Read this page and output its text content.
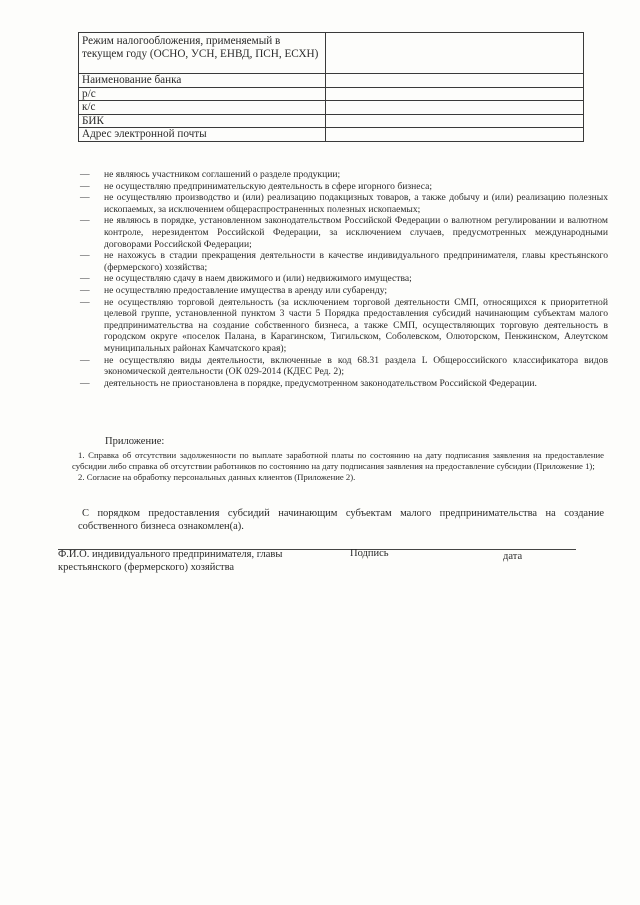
Режим налогообложения, применяемый в текущем году (ОСНО, УСН, ЕНВД, ПСН, ЕСХН)	
Наименование банка	
р/с	
к/с	
БИК	
Адрес электронной почты	
— не являюсь участником соглашений о разделе продукции;
— не осуществляю предпринимательскую деятельность в сфере игорного бизнеса;
— не осуществляю производство и (или) реализацию подакцизных товаров, а также добычу и (или) реализацию полезных ископаемых, за исключением общераспространенных полезных ископаемых;
— не являюсь в порядке, установленном законодательством Российской Федерации о валютном регулировании и валютном контроле, нерезидентом Российской Федерации, за исключением случаев, предусмотренных международными договорами Российской Федерации;
— не нахожусь в стадии прекращения деятельности в качестве индивидуального предпринимателя, главы крестьянского (фермерского) хозяйства;
— не осуществляю сдачу в наем движимого и (или) недвижимого имущества;
— не осуществляю предоставление имущества в аренду или субаренду;
— не осуществляю торговой деятельность (за исключением торговой деятельности СМП, относящихся к приоритетной целевой группе, установленной пунктом 3 части 5 Порядка предоставления субсидий начинающим субъектам малого предпринимательства на создание собственного бизнеса, а также СМП, осуществляющих торговую деятельность в городском округе «поселок Палана, в Карагинском, Тигильском, Соболевском, Олюторском, Пенжинском, Алеутском муниципальных районах Камчатского края);
— не осуществляю виды деятельности, включенные в код 68.31 раздела L Общероссийского классификатора видов экономической деятельности (ОК 029-2014 (КДЕС Ред. 2);
— деятельность не приостановлена в порядке, предусмотренном законодательством Российской Федерации.
Приложение:
1. Справка об отсутствии задолженности по выплате заработной платы по состоянию на дату подписания заявления на предоставление субсидии либо справка об отсутствии работников по состоянию на дату подписания заявления на предоставление субсидии (Приложение 1);
2. Согласие на обработку персональных данных клиентов (Приложение 2).
С порядком предоставления субсидий начинающим субъектам малого предпринимательства на создание собственного бизнеса ознакомлен(а).
Ф.И.О. индивидуального предпринимателя, главы крестьянского (фермерского) хозяйства
Подпись	дата
